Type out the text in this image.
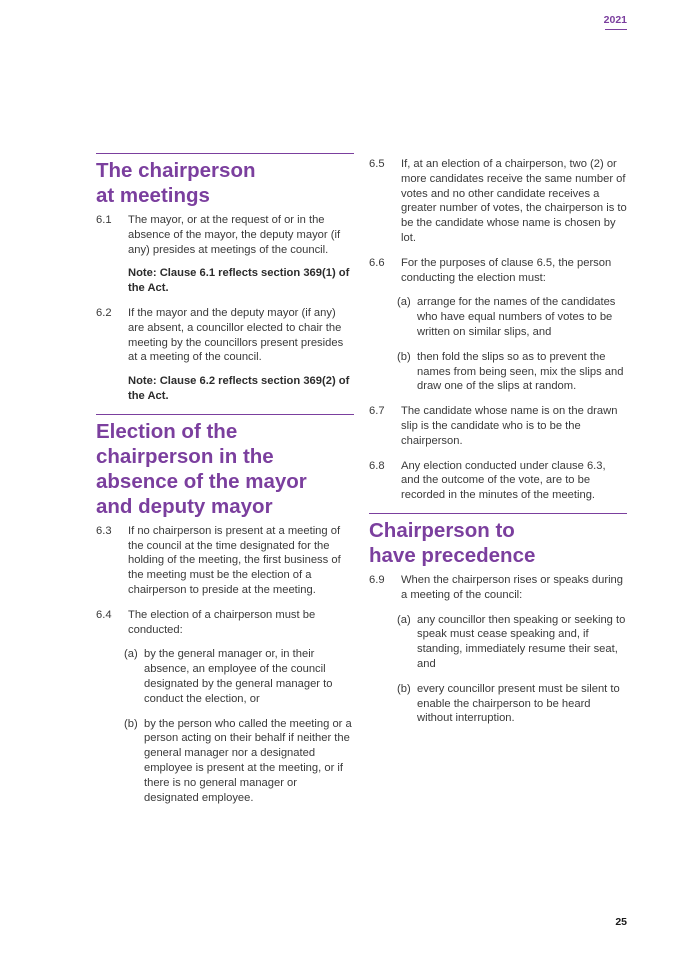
2021
The chairperson
at meetings
6.1	The mayor, or at the request of or in the absence of the mayor, the deputy mayor (if any) presides at meetings of the council.
Note: Clause 6.1 reflects section 369(1) of the Act.
6.2	If the mayor and the deputy mayor (if any) are absent, a councillor elected to chair the meeting by the councillors present presides at a meeting of the council.
Note: Clause 6.2 reflects section 369(2) of the Act.
Election of the
chairperson in the
absence of the mayor
and deputy mayor
6.3	If no chairperson is present at a meeting of the council at the time designated for the holding of the meeting, the first business of the meeting must be the election of a chairperson to preside at the meeting.
6.4	The election of a chairperson must be conducted:
(a) by the general manager or, in their absence, an employee of the council designated by the general manager to conduct the election, or
(b) by the person who called the meeting or a person acting on their behalf if neither the general manager nor a designated employee is present at the meeting, or if there is no general manager or designated employee.
6.5	If, at an election of a chairperson, two (2) or more candidates receive the same number of votes and no other candidate receives a greater number of votes, the chairperson is to be the candidate whose name is chosen by lot.
6.6	For the purposes of clause 6.5, the person conducting the election must:
(a) arrange for the names of the candidates who have equal numbers of votes to be written on similar slips, and
(b) then fold the slips so as to prevent the names from being seen, mix the slips and draw one of the slips at random.
6.7	The candidate whose name is on the drawn slip is the candidate who is to be the chairperson.
6.8	Any election conducted under clause 6.3, and the outcome of the vote, are to be recorded in the minutes of the meeting.
Chairperson to
have precedence
6.9	When the chairperson rises or speaks during a meeting of the council:
(a) any councillor then speaking or seeking to speak must cease speaking and, if standing, immediately resume their seat, and
(b) every councillor present must be silent to enable the chairperson to be heard without interruption.
25
